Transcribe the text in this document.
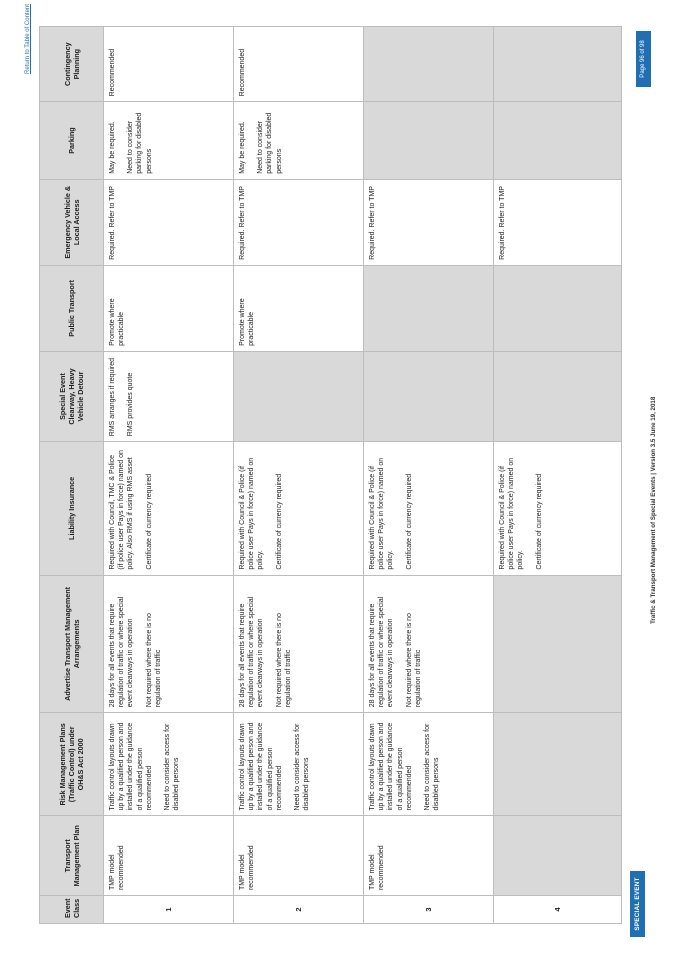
SPECIAL EVENT GUIDE
Return to Table of Content
Event Class	Transport Management Plan	Risk Management Plans (Traffic Control) under OH&S Act 2000	Advertise Transport Management Arrangements	Liability Insurance	Special Event Clearway, Heavy Vehicle Detour	Public Transport	Emergency Vehicle & Local Access	Parking	Contingency Planning
1	TMP model recommended	Traffic control layouts drawn up by a qualified person and installed under the guidance of a qualified person recommended Need to consider access for disabled persons	28 days for all events that require regulation of traffic or where special event clearways in operation Not required where there is no regulation of traffic	Required with Council, TMC & Police (if police user Pays in force) named on policy. Also RMS if using RMS asset Certificate of currency required	RMS arranges if required RMS provides quote	Promote where practicable	Required. Refer to TMP	May be required. Need to consider parking for disabled persons	Recommended

2	TMP model recommended	Traffic control layouts drawn up by a qualified person and installed under the guidance of a qualified person recommended Need to consider access for disabled persons	28 days for all events that require regulation of traffic or where special event clearways in operation Not required where there is no regulation of traffic	Required with Council & Police (if police user Pays in force) named on policy. Certificate of currency required		Promote where practicable	Required. Refer to TMP	May be required. Need to consider parking for disabled persons	Recommended

3	TMP model recommended	Traffic control layouts drawn up by a qualified person and installed under the guidance of a qualified person recommended Need to consider access for disabled persons	28 days for all events that require regulation of traffic or where special event clearways in operation Not required where there is no regulation of traffic	Required with Council & Police (if police user Pays in force) named on policy. Certificate of currency required			Required. Refer to TMP		

4				Required with Council & Police (if police user Pays in force) named on policy. Certificate of currency required			Required. Refer to TMP		

Traffic & Transport Management of Special Events | Version 3.5 June 19, 2018
Page 96 of 98
